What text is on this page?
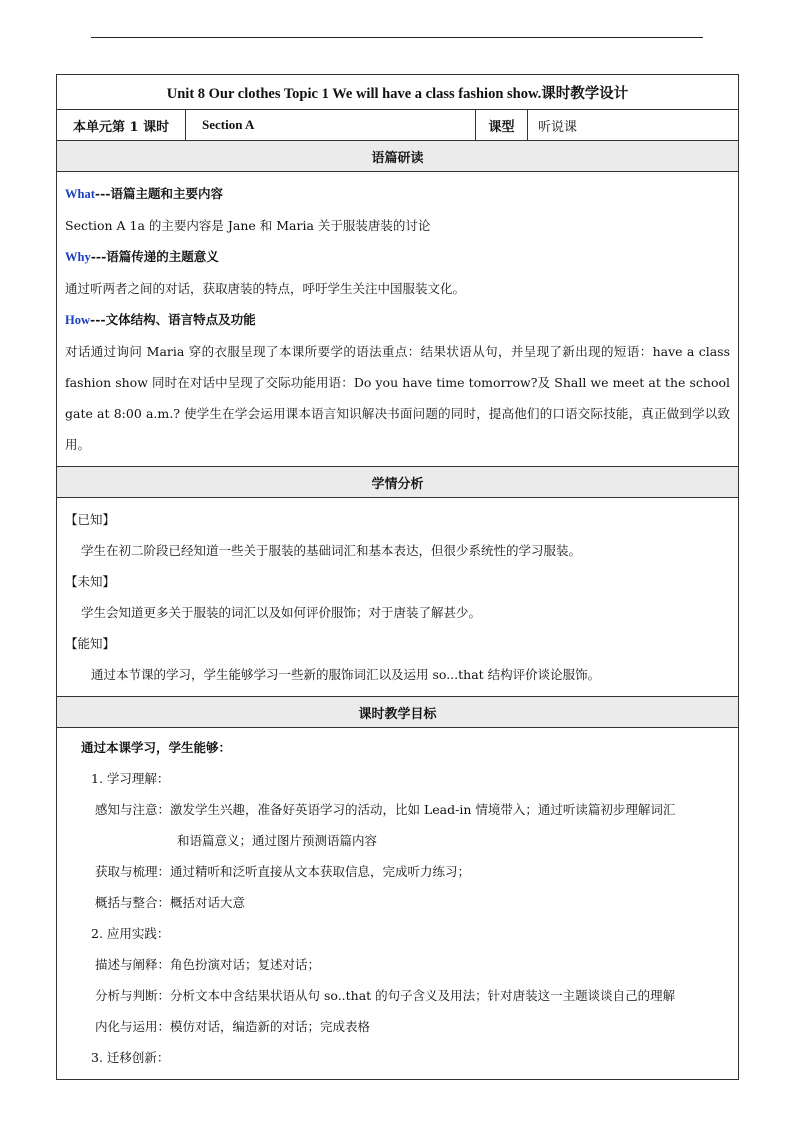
Unit 8 Our clothes Topic 1 We will have a class fashion show.课时教学设计
本单元第 1 课时	Section A	课型	听说课
语篇研读

What---语篇主题和主要内容
Section A 1a 的主要内容是 Jane 和 Maria 关于服装唐装的讨论
Why---语篇传递的主题意义
通过听两者之间的对话，获取唐装的特点，呼吁学生关注中国服装文化。
How---文体结构、语言特点及功能
对话通过询问 Maria 穿的衣服呈现了本课所要学的语法重点：结果状语从句，并呈现了新出现的短语：have a class fashion show 同时在对话中呈现了交际功能用语：Do you have time tomorrow?及 Shall we meet at the school gate at 8:00 a.m.? 使学生在学会运用课本语言知识解决书面问题的同时，提高他们的口语交际技能，真正做到学以致用。

学情分析

【已知】
学生在初二阶段已经知道一些关于服装的基础词汇和基本表达，但很少系统性的学习服装。
【未知】
学生会知道更多关于服装的词汇以及如何评价服饰；对于唐装了解甚少。
【能知】
通过本节课的学习，学生能够学习一些新的服饰词汇以及运用 so...that 结构评价谈论服饰。

课时教学目标

通过本课学习，学生能够：
1. 学习理解：
感知与注意：激发学生兴趣，准备好英语学习的活动，比如 Lead-in 情境带入；通过听读篇初步理解词汇
和语篇意义；通过图片预测语篇内容
获取与梳理：通过精听和泛听直接从文本获取信息，完成听力练习；
概括与整合：概括对话大意
2. 应用实践：
描述与阐释：角色扮演对话；复述对话；
分析与判断：分析文本中含结果状语从句 so..that 的句子含义及用法；针对唐装这一主题谈谈自己的理解
内化与运用：模仿对话，编造新的对话；完成表格
3. 迁移创新：
